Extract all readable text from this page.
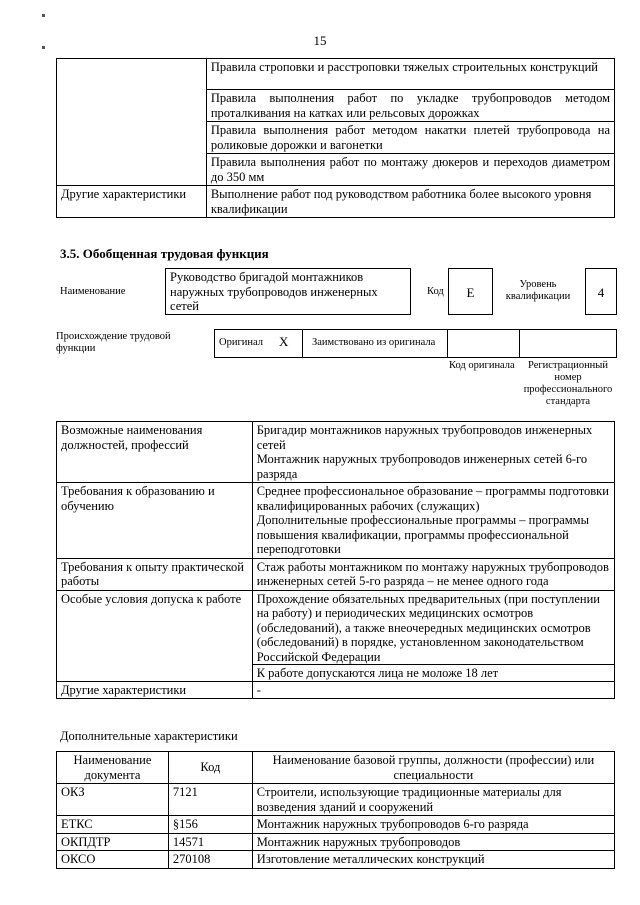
15
	Правила строповки и расстроповки тяжелых строительных конструкций
	Правила выполнения работ по укладке трубопроводов методом проталкивания на катках или рельсовых дорожках
	Правила выполнения работ методом накатки плетей трубопровода на роликовые дорожки и вагонетки
	Правила выполнения работ по монтажу дюкеров и переходов диаметром до 350 мм
Другие характеристики	Выполнение работ под руководством работника более высокого уровня квалификации
3.5. Обобщенная трудовая функция
Наименование
Руководство бригадой монтажников наружных трубопроводов инженерных сетей
Код	E
Уровень квалификации	4
Происхождение трудовой функции
Оригинал X Заимствовано из оригинала
Код оригинала	Регистрационный номер профессионального стандарта
Возможные наименования должностей, профессий	Бригадир монтажников наружных трубопроводов инженерных сетей
Монтажник наружных трубопроводов инженерных сетей 6-го разряда

Требования к образованию и обучению	Среднее профессиональное образование – программы подготовки квалифицированных рабочих (служащих)
Дополнительные профессиональные программы – программы повышения квалификации, программы профессиональной переподготовки

Требования к опыту практической работы	Стаж работы монтажником по монтажу наружных трубопроводов инженерных сетей 5-го разряда – не менее одного года

Особые условия допуска к работе	Прохождение обязательных предварительных (при поступлении на работу) и периодических медицинских осмотров (обследований), а также внеочередных медицинских осмотров (обследований) в порядке, установленном законодательством Российской Федерации
К работе допускаются лица не моложе 18 лет

Другие характеристики	-
Дополнительные характеристики
Наименование документа	Код	Наименование базовой группы, должности (профессии) или специальности
ОКЗ	7121	Строители, использующие традиционные материалы для возведения зданий и сооружений
ЕТКС	§156	Монтажник наружных трубопроводов 6-го разряда
ОКПДТР	14571	Монтажник наружных трубопроводов
ОКСО	270108	Изготовление металлических конструкций
